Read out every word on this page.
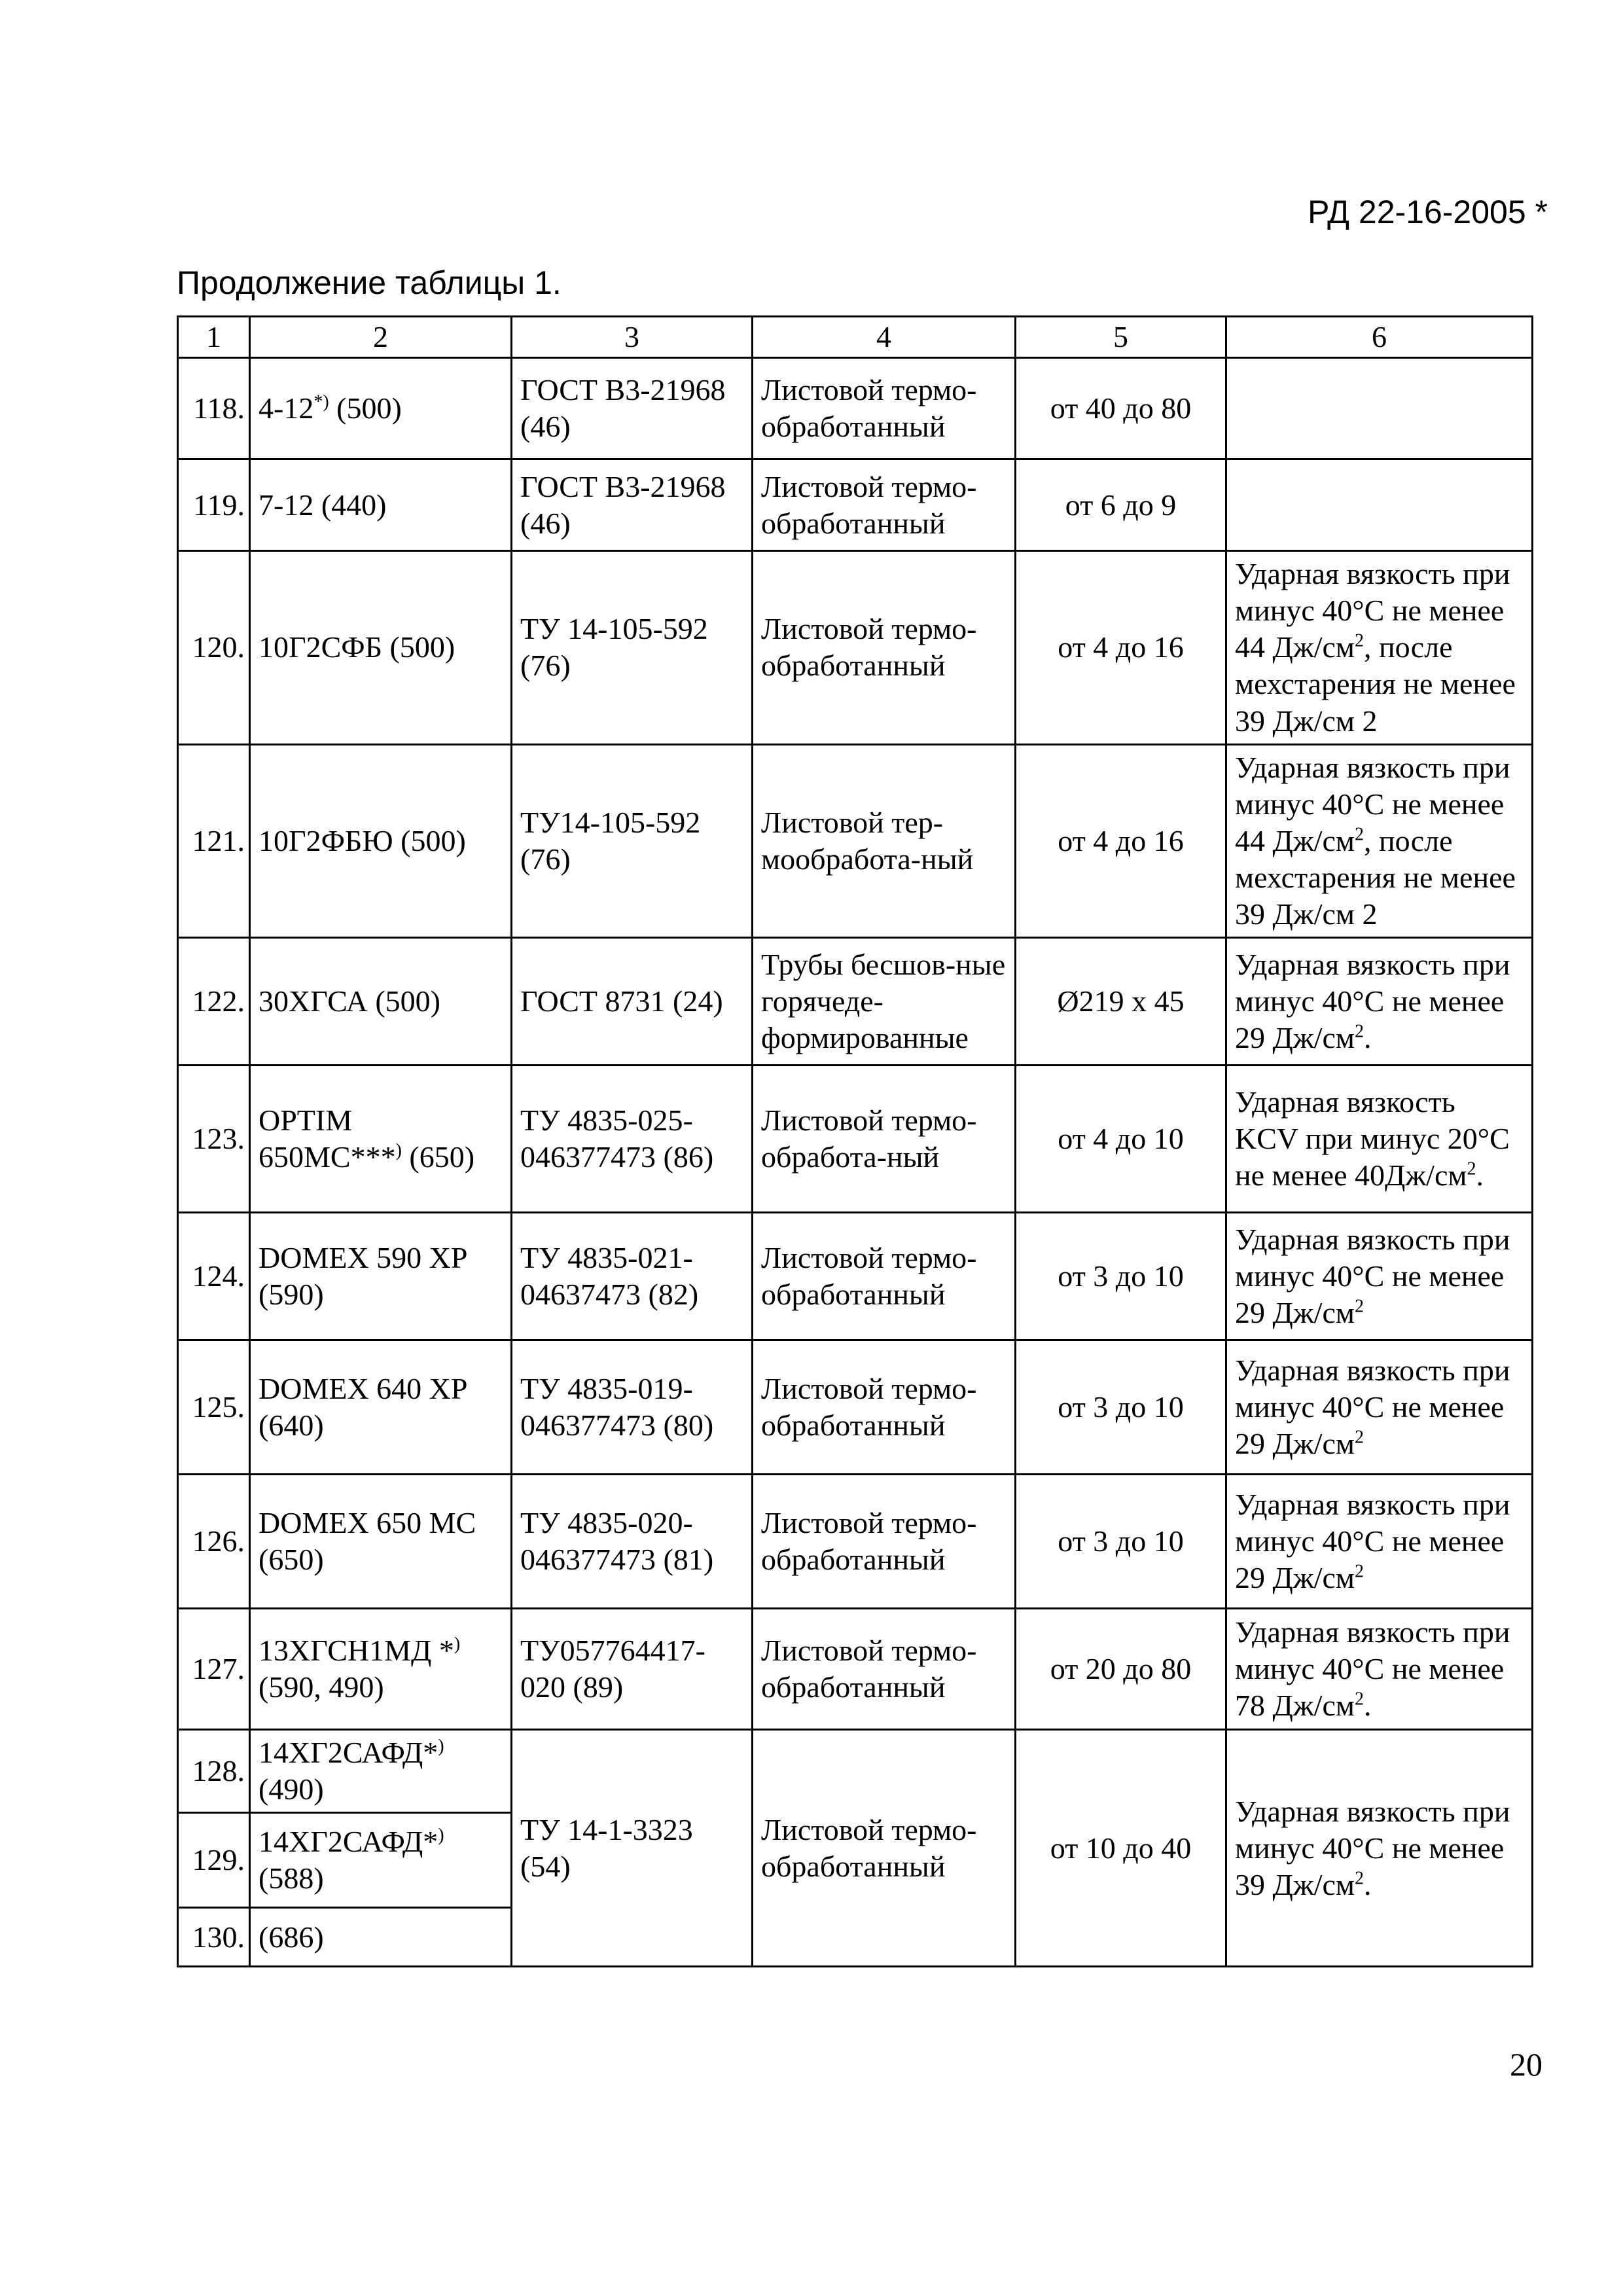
РД 22-16-2005 *
Продолжение таблицы 1.
1	2	3	4	5	6
118.	4-12*) (500)	ГОСТ В3-21968 (46)	Листовой термо-обработанный	от 40 до 80	
119.	7-12 (440)	ГОСТ В3-21968 (46)	Листовой термо-обработанный	от 6 до 9	
120.	10Г2СФБ (500)	ТУ 14-105-592 (76)	Листовой термо-обработанный	от 4 до 16	Ударная вязкость при минус 40°С не менее 44 $Дж/см^2$, после мехстарения не менее 39 Дж/см 2
121.	10Г2ФБЮ (500)	ТУ14-105-592 (76)	Листовой тер-мообработа-ный	от 4 до 16	Ударная вязкость при минус 40°С не менее 44 $Дж/см^2$, после мехстарения не менее 39 Дж/см 2
122.	30ХГСА (500)	ГОСТ 8731 (24)	Трубы бесшов-ные горячеде-формированные	Ø219 x 45	Ударная вязкость при минус 40°С не менее 29 $Дж/см^2$.
123.	OPTIM 650MC***) (650)	ТУ 4835-025-046377473 (86)	Листовой термо-обработа-ный	от 4 до 10	Ударная вязкость KCV при минус 20°С не менее $40Дж/см^2$.
124.	DOMEX 590 XP (590)	ТУ 4835-021-04637473 (82)	Листовой термо-обработанный	от 3 до 10	Ударная вязкость при минус 40°С не менее 29 $Дж/см^2$
125.	DOMEX 640 XP (640)	ТУ 4835-019-046377473 (80)	Листовой термо-обработанный	от 3 до 10	Ударная вязкость при минус 40°С не менее 29 $Дж/см^2$
126.	DOMEX 650 MC (650)	ТУ 4835-020-046377473 (81)	Листовой термо-обработанный	от 3 до 10	Ударная вязкость при минус 40°С не менее 29 $Дж/см^2$
127.	13ХГСН1МД *) (590, 490)	ТУ057764417-020 (89)	Листовой термо-обработанный	от 20 до 80	Ударная вязкость при минус 40°С не менее 78 $Дж/см^2$.
128.	14ХГ2САФД*) (490)	ТУ 14-1-3323 (54)	Листовой термо-обработанный	от 10 до 40	Ударная вязкость при минус 40°С не менее 39 $Дж/см^2$.
129.	14ХГ2САФД*) (588)				
130.	(686)				
20
